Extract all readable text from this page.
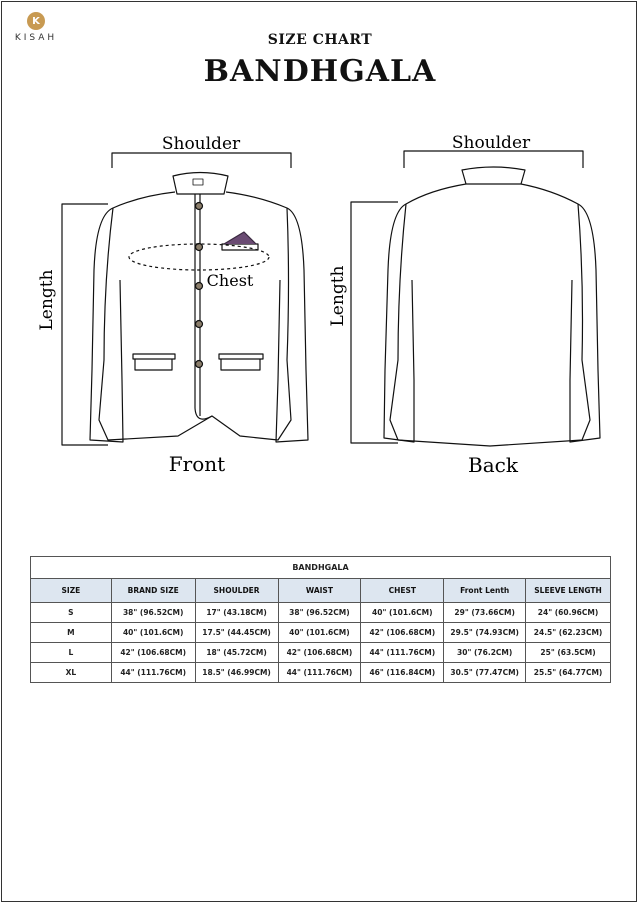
K
KISAH	SIZE CHART
BANDHGALA
Shoulder
Chest
Length
Front
Shoulder
Length
Back
BANDHGALA						
SIZE	BRAND SIZE	SHOULDER	WAIST	CHEST	Front Lenth	SLEEVE LENGTH
S	38" (96.52CM)	17" (43.18CM)	38" (96.52CM)	40" (101.6CM)	29" (73.66CM)	24" (60.96CM)
M	40" (101.6CM)	17.5" (44.45CM)	40" (101.6CM)	42" (106.68CM)	29.5" (74.93CM)	24.5" (62.23CM)
L	42" (106.68CM)	18" (45.72CM)	42" (106.68CM)	44" (111.76CM)	30" (76.2CM)	25" (63.5CM)
XL	44" (111.76CM)	18.5" (46.99CM)	44" (111.76CM)	46" (116.84CM)	30.5" (77.47CM)	25.5" (64.77CM)
